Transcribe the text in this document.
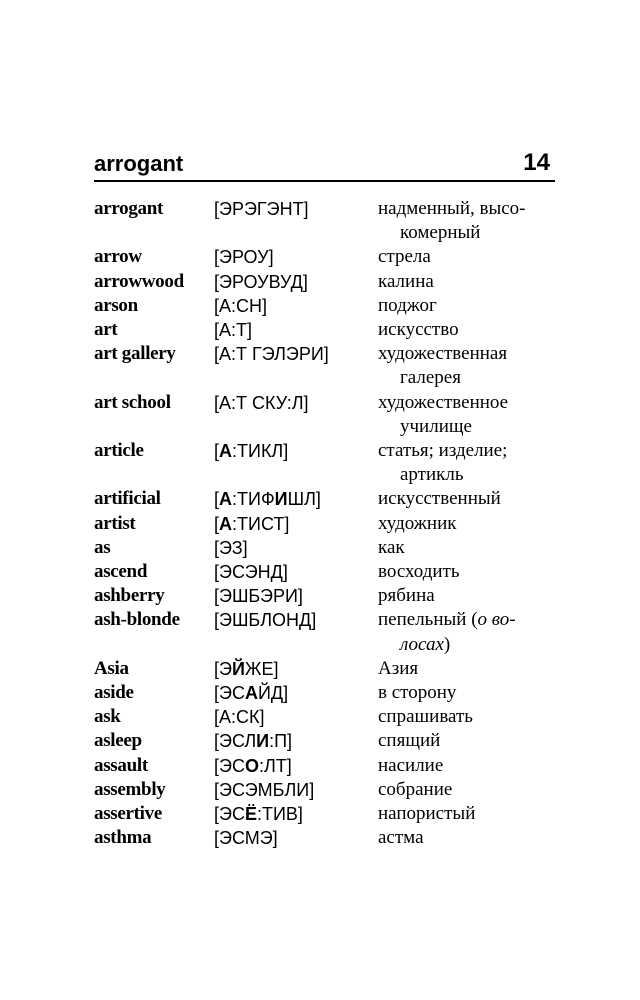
arrogant	14
arrogant	[ЭРЭГЭНТ]	надменный, высо-
комерный
arrow	[ЭРОУ]	стрела
arrowwood	[ЭРОУВУД]	калина
arson	[А:СН]	поджог
art	[А:Т]	искусство
art gallery	[А:Т ГЭЛЭРИ]	художественная
галерея
art school	[А:Т СКУ:Л]	художественное
училище
article	[А:ТИКЛ]	статья; изделие;
артикль
artificial	[А:ТИФИШЛ]	искусственный
artist	[А:ТИСТ]	художник
as	[ЭЗ]	как
ascend	[ЭСЭНД]	восходить
ashberry	[ЭШБЭРИ]	рябина
ash-blonde	[ЭШБЛОНД]	пепельный (о во-
лосах)
Asia	[ЭЙЖЕ]	Азия
aside	[ЭСАЙД]	в сторону
ask	[А:СК]	спрашивать
asleep	[ЭСЛИ:П]	спящий
assault	[ЭСО:ЛТ]	насилие
assembly	[ЭСЭМБЛИ]	собрание
assertive	[ЭСЁ:ТИВ]	напористый
asthma	[ЭСМЭ]	астма
